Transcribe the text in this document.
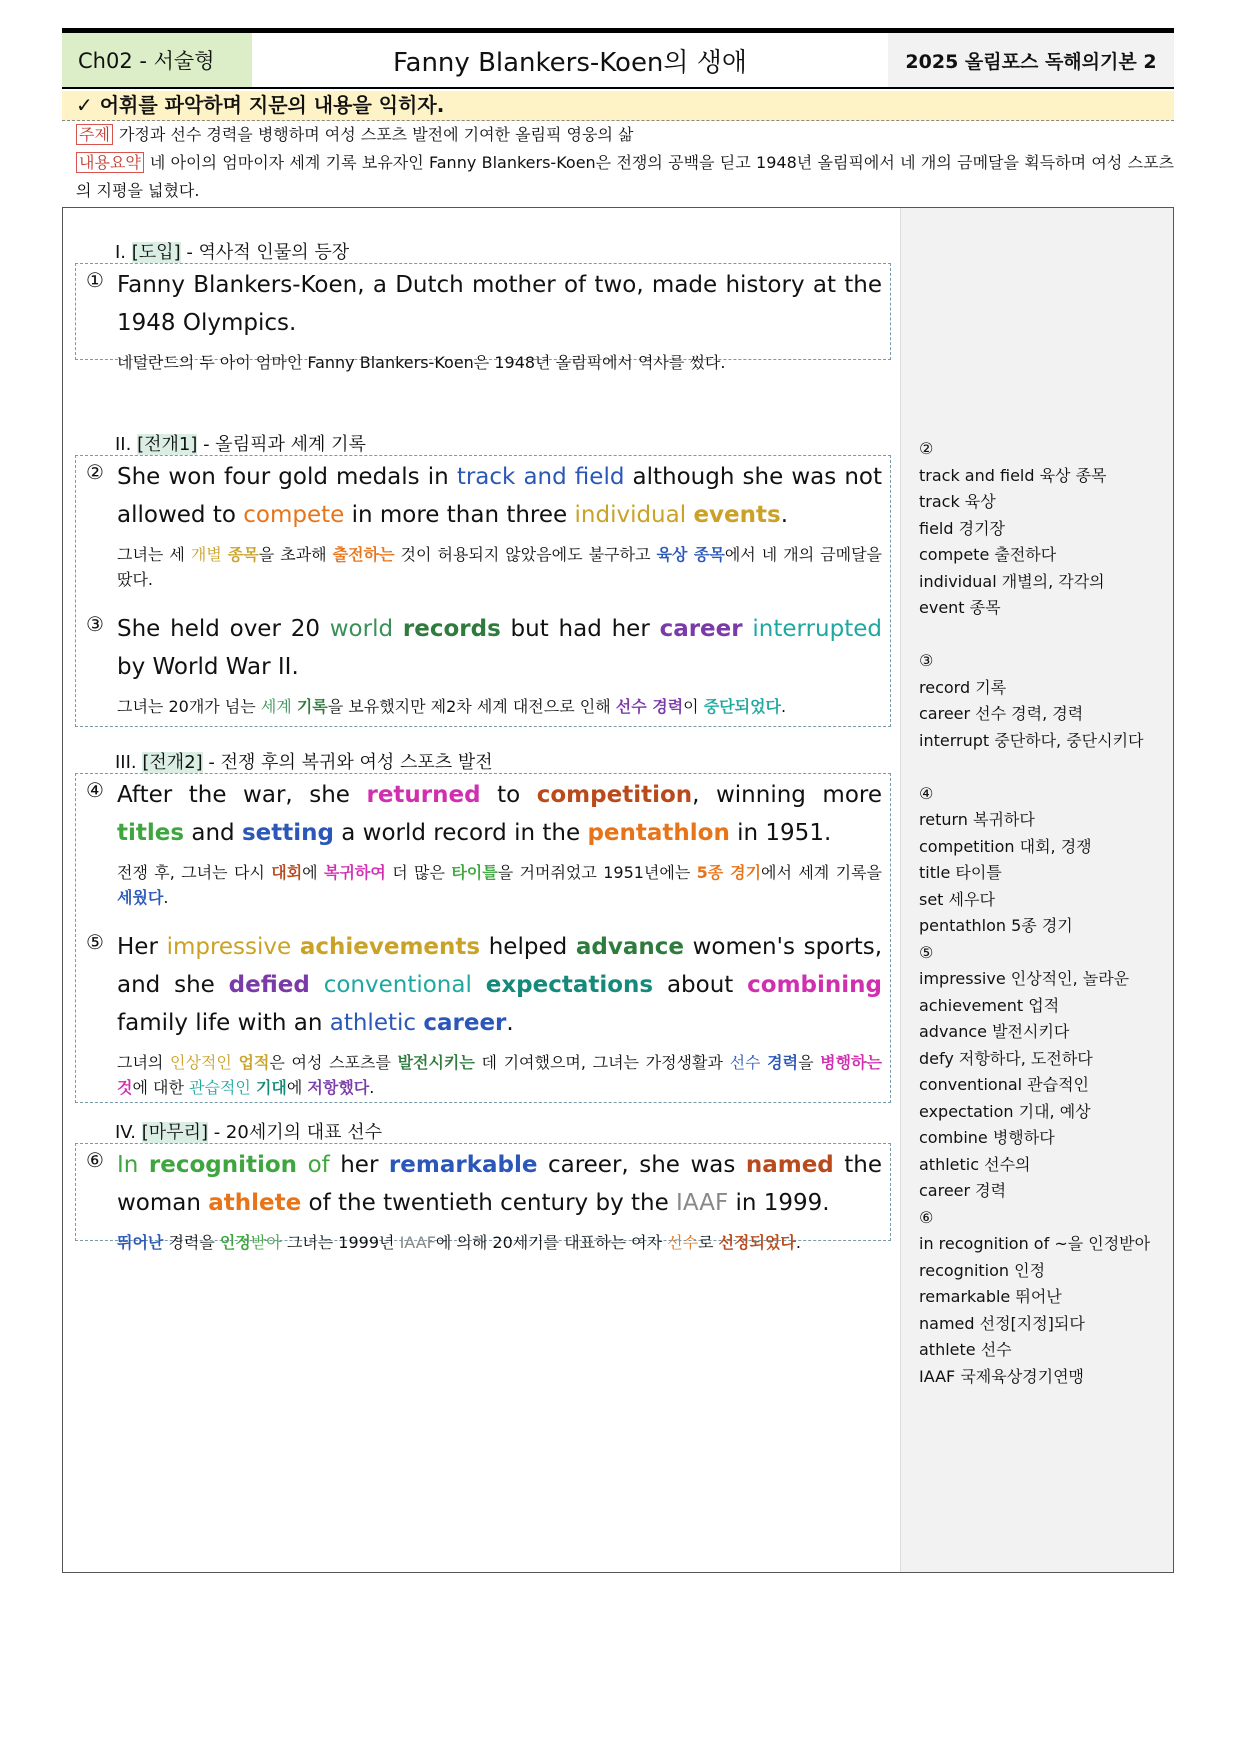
Ch02 - 서술형	Fanny Blankers-Koen의 생애	2025 올림포스 독해의기본 2
✓ 어휘를 파악하며 지문의 내용을 익히자.
주제 가정과 선수 경력을 병행하며 여성 스포츠 발전에 기여한 올림픽 영웅의 삶
내용요약 네 아이의 엄마이자 세계 기록 보유자인 Fanny Blankers-Koen은 전쟁의 공백을 딛고 1948년 올림픽에서 네 개의 금메달을 획득하며 여성 스포츠의 지평을 넓혔다.
I. [도입] - 역사적 인물의 등장
① Fanny Blankers-Koen, a Dutch mother of two, made history at the 1948 Olympics.
네덜란드의 두 아이 엄마인 Fanny Blankers-Koen은 1948년 올림픽에서 역사를 썼다.
II. [전개1] - 올림픽과 세계 기록
② She won four gold medals in track and field although she was not allowed to compete in more than three individual events.
그녀는 세 개별 종목을 초과해 출전하는 것이 허용되지 않았음에도 불구하고 육상 종목에서 네 개의 금메달을 땄다.
③ She held over 20 world records but had her career interrupted by World War II.
그녀는 20개가 넘는 세계 기록을 보유했지만 제2차 세계 대전으로 인해 선수 경력이 중단되었다.
III. [전개2] - 전쟁 후의 복귀와 여성 스포츠 발전
④ After the war, she returned to competition, winning more titles and setting a world record in the pentathlon in 1951.
전쟁 후, 그녀는 다시 대회에 복귀하여 더 많은 타이틀을 거머쥐었고 1951년에는 5종 경기에서 세계 기록을 세웠다.
⑤ Her impressive achievements helped advance women's sports, and she defied conventional expectations about combining family life with an athletic career.
그녀의 인상적인 업적은 여성 스포츠를 발전시키는 데 기여했으며, 그녀는 가정생활과 선수 경력을 병행하는 것에 대한 관습적인 기대에 저항했다.
IV. [마무리] - 20세기의 대표 선수
⑥ In recognition of her remarkable career, she was named the woman athlete of the twentieth century by the IAAF in 1999.
뛰어난 경력을 인정받아 그녀는 1999년 IAAF에 의해 20세기를 대표하는 여자 선수로 선정되었다.
②
track and field 육상 종목
track 육상
field 경기장
compete 출전하다
individual 개별의, 각각의
event 종목
③
record 기록
career 선수 경력, 경력
interrupt 중단하다, 중단시키다
④
return 복귀하다
competition 대회, 경쟁
title 타이틀
set 세우다
pentathlon 5종 경기
⑤
impressive 인상적인, 놀라운
achievement 업적
advance 발전시키다
defy 저항하다, 도전하다
conventional 관습적인
expectation 기대, 예상
combine 병행하다
athletic 선수의
career 경력
⑥
in recognition of ~을 인정받아
recognition 인정
remarkable 뛰어난
named 선정[지정]되다
athlete 선수
IAAF 국제육상경기연맹
